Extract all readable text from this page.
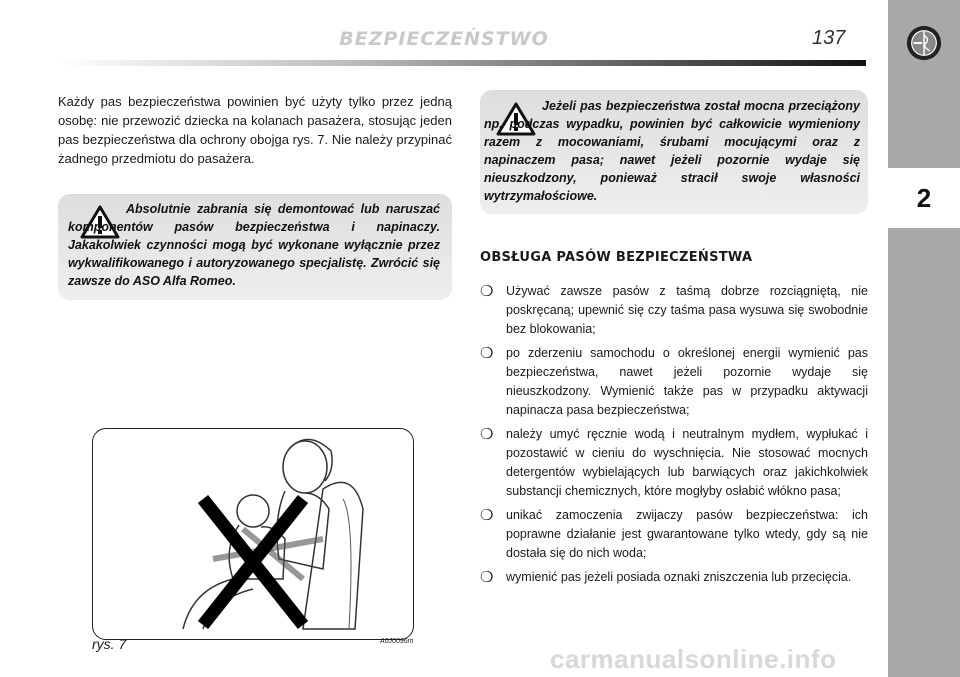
BEZPIECZEŃSTWO	137
2

Każdy pas bezpieczeństwa powinien być użyty tylko przez jedną osobę: nie przewozić dziecka na kolanach pasażera, stosując jeden pas bezpieczeństwa dla ochrony obojga rys. 7. Nie należy przypinać żadnego przedmiotu do pasażera.

Absolutnie zabrania się demontować lub naruszać komponentów pasów bezpieczeństwa i napinaczy. Jakakolwiek czynności mogą być wykonane wyłącznie przez wykwalifikowanego i autoryzowanego specjalistę. Zwrócić się zawsze do ASO Alfa Romeo.

Jeżeli pas bezpieczeństwa został mocna przeciążony np. podczas wypadku, powinien być całkowicie wymieniony razem z mocowaniami, śrubami mocującymi oraz z napinaczem pasa; nawet jeżeli pozornie wydaje się nieuszkodzony, ponieważ stracił swoje własności wytrzymałościowe.

OBSŁUGA PASÓW BEZPIECZEŃSTWA
❍ Używać zawsze pasów z taśmą dobrze rozciągniętą, nie poskręcaną; upewnić się czy taśma pasa wysuwa się swobodnie bez blokowania;
❍ po zderzeniu samochodu o określonej energii wymienić pas bezpieczeństwa, nawet jeżeli pozornie wydaje się nieuszkodzony. Wymienić także pas w przypadku aktywacji napinacza pasa bezpieczeństwa;
❍ należy umyć ręcznie wodą i neutralnym mydłem, wypłukać i pozostawić w cieniu do wyschnięcia. Nie stosować mocnych detergentów wybielających lub barwiących oraz jakichkolwiek substancji chemicznych, które mogłyby osłabić włókno pasa;
❍ unikać zamoczenia zwijaczy pasów bezpieczeństwa: ich poprawne działanie jest gwarantowane tylko wtedy, gdy są nie dostała się do nich woda;
❍ wymienić pas jeżeli posiada oznaki zniszczenia lub przecięcia.
rys. 7	A0J0096m
carmanualsonline.info
